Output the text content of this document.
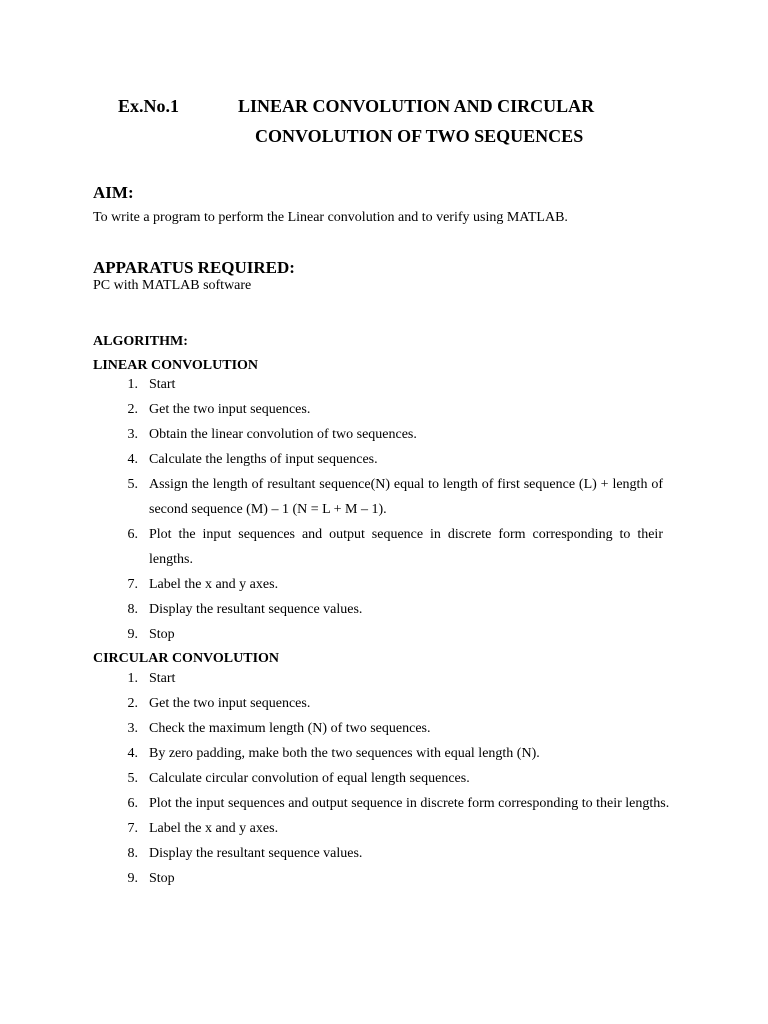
Ex.No.1	LINEAR CONVOLUTION AND CIRCULAR
CONVOLUTION OF TWO SEQUENCES
AIM:
To write a program to perform the Linear convolution and to verify using MATLAB.
APPARATUS REQUIRED:
PC with MATLAB software
ALGORITHM:
LINEAR CONVOLUTION
1. Start
2. Get the two input sequences.
3. Obtain the linear convolution of two sequences.
4. Calculate the lengths of input sequences.
5. Assign the length of resultant sequence(N) equal to length of first sequence (L) + length of second sequence (M) – 1 (N = L + M – 1).
6. Plot the input sequences and output sequence in discrete form corresponding to their lengths.
7. Label the x and y axes.
8. Display the resultant sequence values.
9. Stop
CIRCULAR CONVOLUTION
1. Start
2. Get the two input sequences.
3. Check the maximum length (N) of two sequences.
4. By zero padding, make both the two sequences with equal length (N).
5. Calculate circular convolution of equal length sequences.
6. Plot the input sequences and output sequence in discrete form corresponding to their lengths.
7. Label the x and y axes.
8. Display the resultant sequence values.
9. Stop
